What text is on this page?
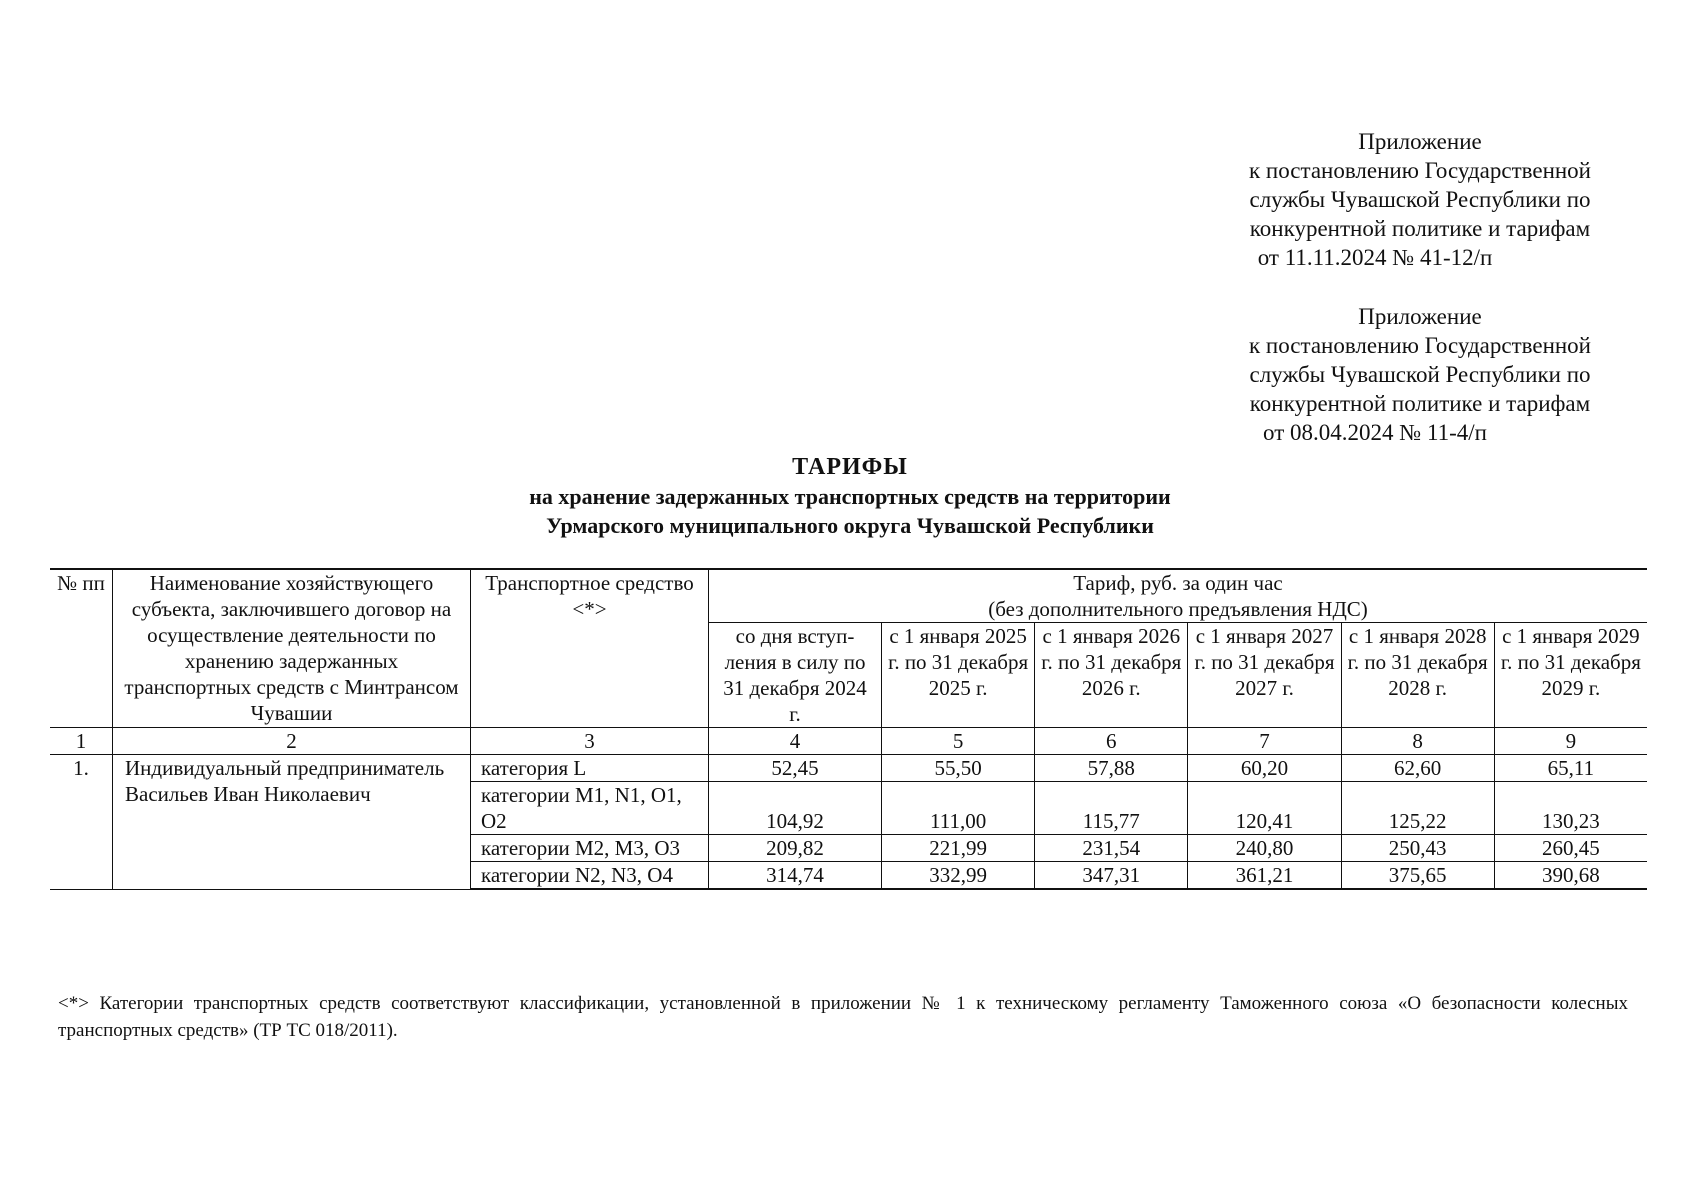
Приложение
к постановлению Государственной
службы Чувашской Республики по
конкурентной политике и тарифам
от 11.11.2024 № 41-12/п
Приложение
к постановлению Государственной
службы Чувашской Республики по
конкурентной политике и тарифам
от 08.04.2024 № 11-4/п
ТАРИФЫ
на хранение задержанных транспортных средств на территории
Урмарского муниципального округа Чувашской Республики
№ пп	Наименование хозяйствующего субъекта, заключившего договор на осуществление деятельности по хранению задержанных транспортных средств с Минтрансом Чувашии	Транспортное средство <*>	Тариф, руб. за один час
(без дополнительного предъявления НДС)					

			со дня вступ-ления в силу по 31 декабря 2024 г.	с 1 января 2025 г. по 31 декабря 2025 г.	с 1 января 2026 г. по 31 декабря 2026 г.	с 1 января 2027 г. по 31 декабря 2027 г.	с 1 января 2028 г. по 31 декабря 2028 г.	с 1 января 2029 г. по 31 декабря 2029 г.
1	2	3	4	5	6	7	8	9
1.	Индивидуальный предприниматель Васильев Иван Николаевич	категория L	52,45	55,50	57,88	60,20	62,60	65,11
		категории М1, N1, О1, О2	104,92	111,00	115,77	120,41	125,22	130,23
		категории М2, М3, О3	209,82	221,99	231,54	240,80	250,43	260,45
		категории N2, N3, О4	314,74	332,99	347,31	361,21	375,65	390,68
<*> Категории транспортных средств соответствуют классификации, установленной в приложении № 1 к техническому регламенту Таможенного союза «О безопасности колесных транспортных средств» (ТР ТС 018/2011).
